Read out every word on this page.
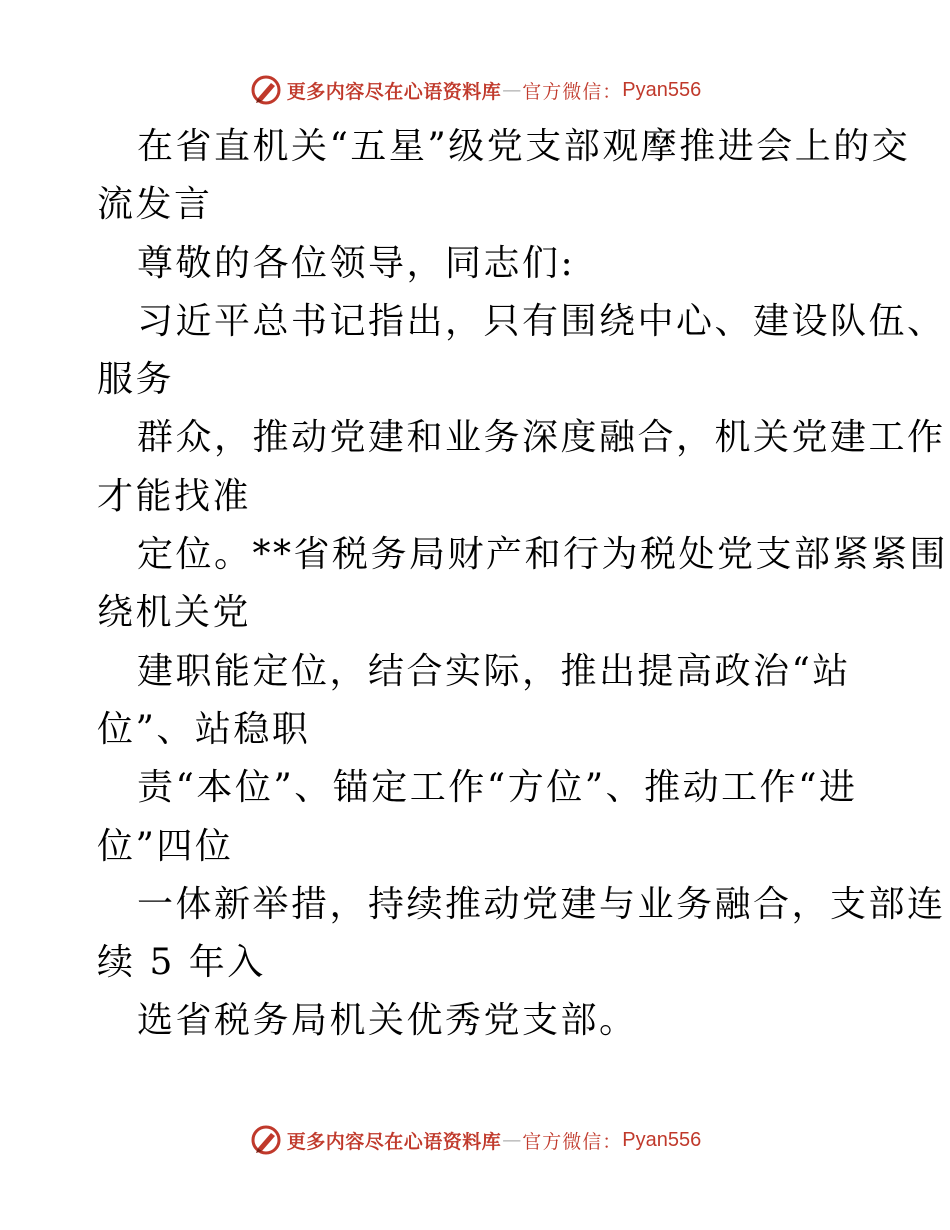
更多内容尽在心语资料库 — 官方微信： Pyan556
在省直机关“五星”级党支部观摩推进会上的交
流发言
尊敬的各位领导，同志们:
习近平总书记指出，只有围绕中心、建设队伍、
服务
群众，推动党建和业务深度融合，机关党建工作
才能找准
定位。**省税务局财产和行为税处党支部紧紧围
绕机关党
建职能定位，结合实际，推出提高政治“站
位”、站稳职
责“本位”、锚定工作“方位”、推动工作“进
位”四位
一体新举措，持续推动党建与业务融合，支部连
续 5 年入
选省税务局机关优秀党支部。
更多内容尽在心语资料库 — 官方微信： Pyan556
